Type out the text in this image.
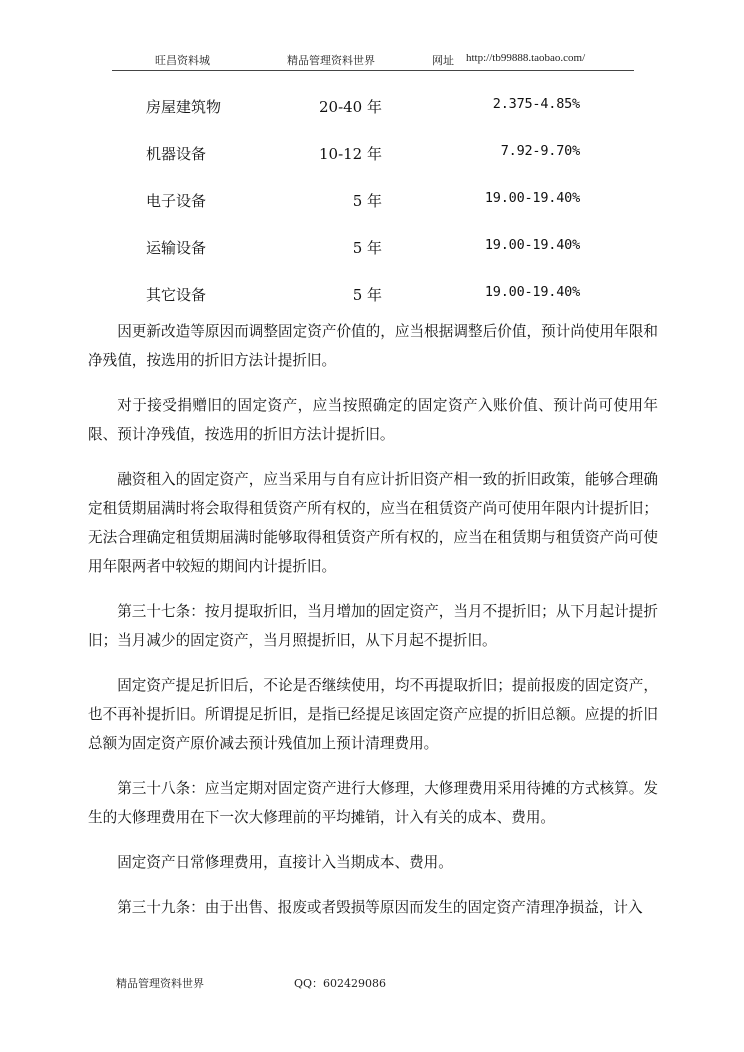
旺昌资料城	精品管理资料世界	网址 http://tb99888.taobao.com/
房屋建筑物	20-40 年	2.375-4.85%
机器设备	10-12 年	7.92-9.70%
电子设备	5 年	19.00-19.40%
运输设备	5 年	19.00-19.40%
其它设备	5 年	19.00-19.40%

因更新改造等原因而调整固定资产价值的，应当根据调整后价值，预计尚使用年限和净残值，按选用的折旧方法计提折旧。

对于接受捐赠旧的固定资产，应当按照确定的固定资产入账价值、预计尚可使用年限、预计净残值，按选用的折旧方法计提折旧。

融资租入的固定资产，应当采用与自有应计折旧资产相一致的折旧政策，能够合理确定租赁期届满时将会取得租赁资产所有权的，应当在租赁资产尚可使用年限内计提折旧；无法合理确定租赁期届满时能够取得租赁资产所有权的，应当在租赁期与租赁资产尚可使用年限两者中较短的期间内计提折旧。

第三十七条：按月提取折旧，当月增加的固定资产，当月不提折旧；从下月起计提折旧；当月减少的固定资产，当月照提折旧，从下月起不提折旧。

固定资产提足折旧后，不论是否继续使用，均不再提取折旧；提前报废的固定资产，也不再补提折旧。所谓提足折旧，是指已经提足该固定资产应提的折旧总额。应提的折旧总额为固定资产原价减去预计残值加上预计清理费用。

第三十八条：应当定期对固定资产进行大修理，大修理费用采用待摊的方式核算。发生的大修理费用在下一次大修理前的平均摊销，计入有关的成本、费用。

固定资产日常修理费用，直接计入当期成本、费用。

第三十九条：由于出售、报废或者毁损等原因而发生的固定资产清理净损益，计入

精品管理资料世界	QQ：602429086
